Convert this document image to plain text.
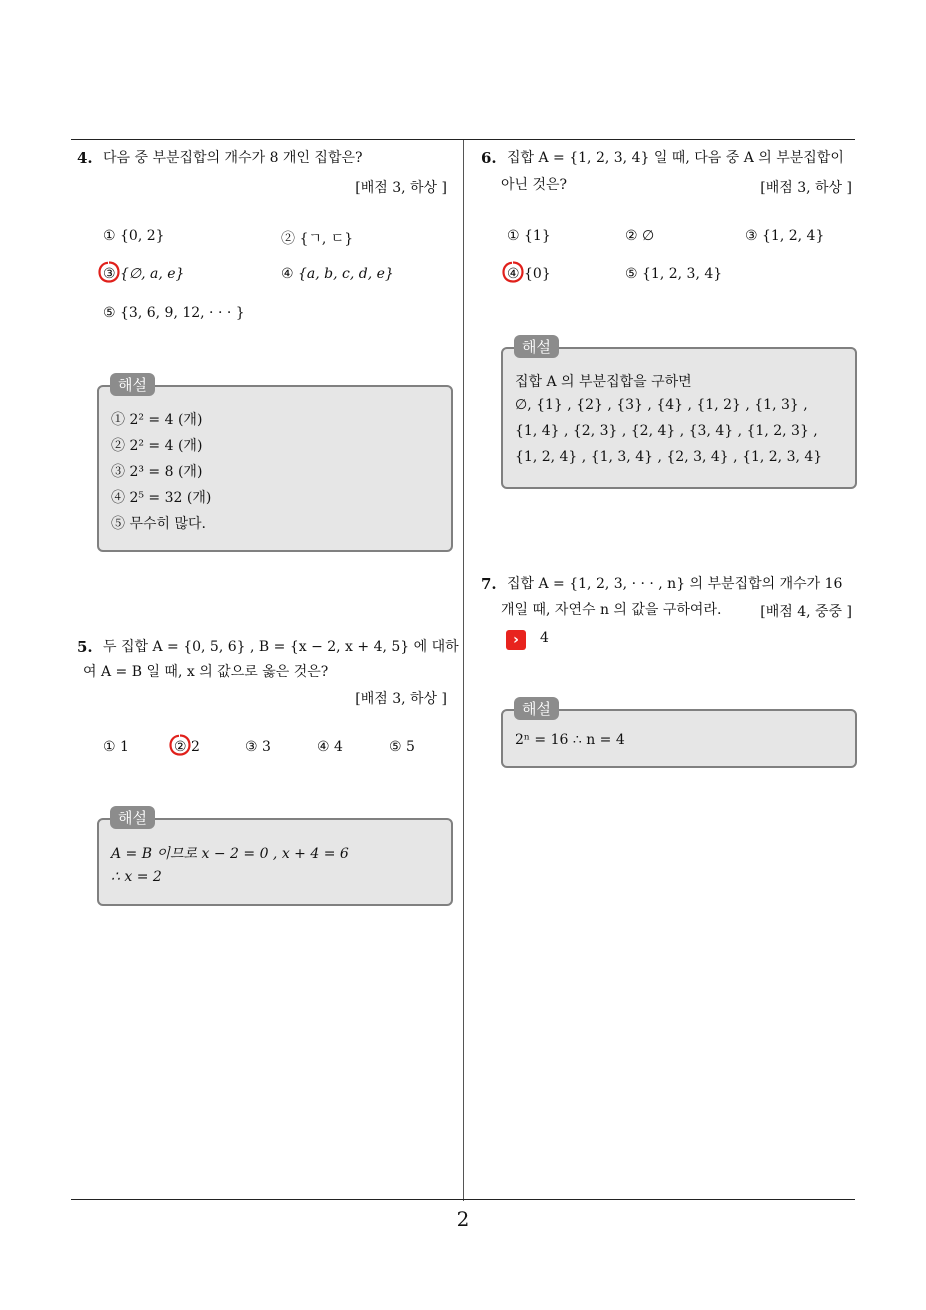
4. 다음 중 부분집합의 개수가 8 개인 집합은?
[배점 3, 하상 ]
① {0, 2}	② {ㄱ, ㄷ}
③ {∅, a, e}	④ {a, b, c, d, e}
⑤ {3, 6, 9, 12, · · · }
① 2² = 4 (개)
② 2² = 4 (개)
③ 2³ = 8 (개)
④ 2⁵ = 32 (개)
⑤ 무수히 많다.
해설
5. 두 집합 A = {0, 5, 6} , B = {x − 2, x + 4, 5} 에 대하
여 A = B 일 때, x 의 값으로 옳은 것은?
[배점 3, 하상 ]
① 1	② 2	③ 3	④ 4	⑤ 5
A = B 이므로 x − 2 = 0 , x + 4 = 6
∴ x = 2
해설
6. 집합 A = {1, 2, 3, 4} 일 때, 다음 중 A 의 부분집합이
아닌 것은?	[배점 3, 하상 ]
① {1}	② ∅	③ {1, 2, 4}
④ {0}	⑤ {1, 2, 3, 4}
집합 A 의 부분집합을 구하면
∅, {1} , {2} , {3} , {4} , {1, 2} , {1, 3} ,
{1, 4} , {2, 3} , {2, 4} , {3, 4} , {1, 2, 3} ,
{1, 2, 4} , {1, 3, 4} , {2, 3, 4} , {1, 2, 3, 4}
해설
7. 집합 A = {1, 2, 3, · · · , n} 의 부분집합의 개수가 16
개일 때, 자연수 n 의 값을 구하여라.	[배점 4, 중중 ]
›	4
2ⁿ = 16 ∴ n = 4
해설
2
